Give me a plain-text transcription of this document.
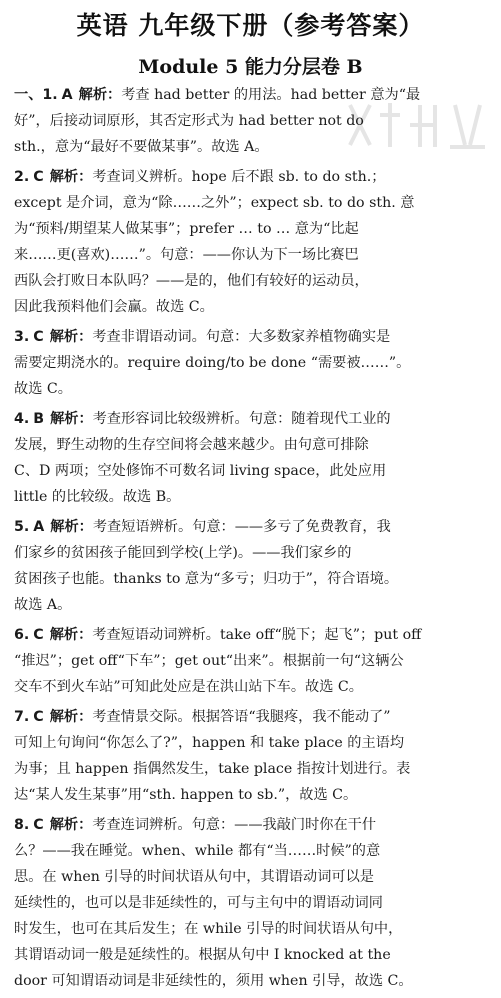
英语 九年级下册（参考答案）
Module 5 能力分层卷 B
一、1. A 解析：考查 had better 的用法。had better 意为“最
好”，后接动词原形，其否定形式为 had better not do
sth.，意为“最好不要做某事”。故选 A。
2. C 解析：考查词义辨析。hope 后不跟 sb. to do sth.；
except 是介词，意为“除……之外”；expect sb. to do sth. 意
为“预料/期望某人做某事”；prefer … to … 意为“比起
来……更(喜欢)……”。句意：——你认为下一场比赛巴
西队会打败日本队吗？——是的，他们有较好的运动员，
因此我预料他们会赢。故选 C。
3. C 解析：考查非谓语动词。句意：大多数家养植物确实是
需要定期浇水的。require doing/to be done “需要被……”。
故选 C。
4. B 解析：考查形容词比较级辨析。句意：随着现代工业的
发展，野生动物的生存空间将会越来越少。由句意可排除
C、D 两项；空处修饰不可数名词 living space，此处应用
little 的比较级。故选 B。
5. A 解析：考查短语辨析。句意：——多亏了免费教育，我
们家乡的贫困孩子能回到学校(上学)。——我们家乡的
贫困孩子也能。thanks to 意为“多亏；归功于”，符合语境。
故选 A。
6. C 解析：考查短语动词辨析。take off“脱下；起飞”；put off
“推迟”；get off“下车”；get out“出来”。根据前一句“这辆公
交车不到火车站”可知此处应是在洪山站下车。故选 C。
7. C 解析：考查情景交际。根据答语“我腿疼，我不能动了”
可知上句询问“你怎么了?”，happen 和 take place 的主语均
为事；且 happen 指偶然发生，take place 指按计划进行。表
达“某人发生某事”用“sth. happen to sb.”，故选 C。
8. C 解析：考查连词辨析。句意：——我敲门时你在干什
么？——我在睡觉。when、while 都有“当……时候”的意
思。在 when 引导的时间状语从句中，其谓语动词可以是
延续性的，也可以是非延续性的，可与主句中的谓语动词同
时发生，也可在其后发生；在 while 引导的时间状语从句中，
其谓语动词一般是延续性的。根据从句中 I knocked at the
door 可知谓语动词是非延续性的，须用 when 引导，故选 C。
